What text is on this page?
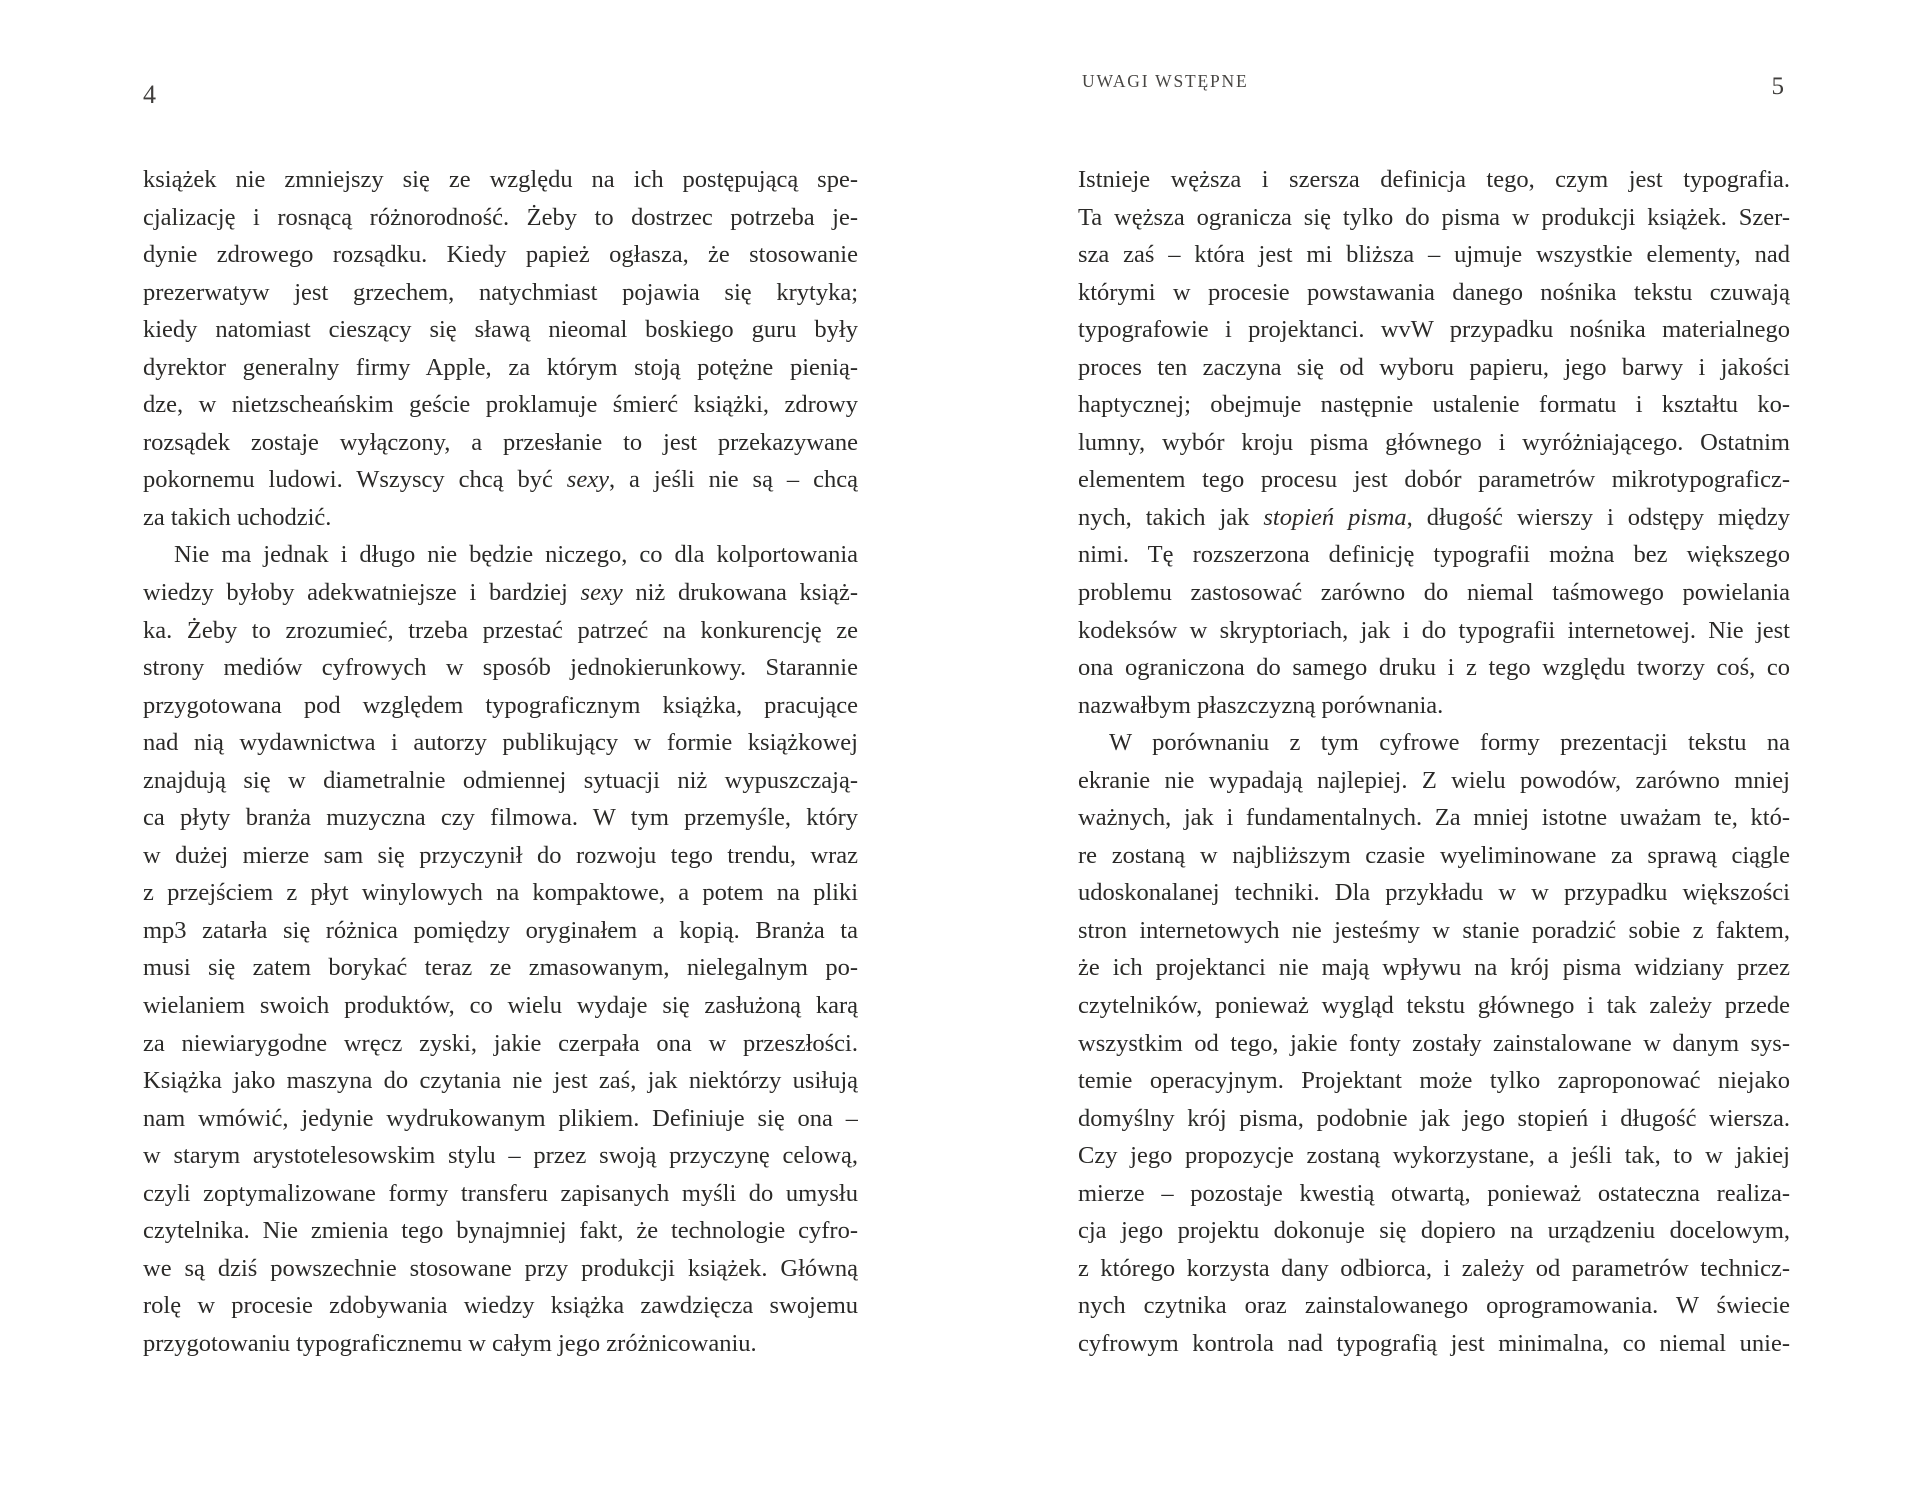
4	UWAGI WSTĘPNE	5
książek nie zmniejszy się ze względu na ich postępującą spe-
cjalizację i rosnącą różnorodność. Żeby to dostrzec potrzeba je-
dynie zdrowego rozsądku. Kiedy papież ogłasza, że stosowanie
prezerwatyw jest grzechem, natychmiast pojawia się krytyka;
kiedy natomiast cieszący się sławą nieomal boskiego guru były
dyrektor generalny firmy Apple, za którym stoją potężne pienią-
dze, w nietzscheańskim geście proklamuje śmierć książki, zdrowy
rozsądek zostaje wyłączony, a przesłanie to jest przekazywane
pokornemu ludowi. Wszyscy chcą być sexy, a jeśli nie są – chcą
za takich uchodzić.
Nie ma jednak i długo nie będzie niczego, co dla kolportowania
wiedzy byłoby adekwatniejsze i bardziej sexy niż drukowana książ-
ka. Żeby to zrozumieć, trzeba przestać patrzeć na konkurencję ze
strony mediów cyfrowych w sposób jednokierunkowy. Starannie
przygotowana pod względem typograficznym książka, pracujące
nad nią wydawnictwa i autorzy publikujący w formie książkowej
znajdują się w diametralnie odmiennej sytuacji niż wypuszczają-
ca płyty branża muzyczna czy filmowa. W tym przemyśle, który
w dużej mierze sam się przyczynił do rozwoju tego trendu, wraz
z przejściem z płyt winylowych na kompaktowe, a potem na pliki
mp3 zatarła się różnica pomiędzy oryginałem a kopią. Branża ta
musi się zatem borykać teraz ze zmasowanym, nielegalnym po-
wielaniem swoich produktów, co wielu wydaje się zasłużoną karą
za niewiarygodne wręcz zyski, jakie czerpała ona w przeszłości.
Książka jako maszyna do czytania nie jest zaś, jak niektórzy usiłują
nam wmówić, jedynie wydrukowanym plikiem. Definiuje się ona –
w starym arystotelesowskim stylu – przez swoją przyczynę celową,
czyli zoptymalizowane formy transferu zapisanych myśli do umysłu
czytelnika. Nie zmienia tego bynajmniej fakt, że technologie cyfro-
we są dziś powszechnie stosowane przy produkcji książek. Główną
rolę w procesie zdobywania wiedzy książka zawdzięcza swojemu
przygotowaniu typograficznemu w całym jego zróżnicowaniu.
Istnieje węższa i szersza definicja tego, czym jest typografia.
Ta węższa ogranicza się tylko do pisma w produkcji książek. Szer-
sza zaś – która jest mi bliższa – ujmuje wszystkie elementy, nad
którymi w procesie powstawania danego nośnika tekstu czuwają
typografowie i projektanci. wvW przypadku nośnika materialnego
proces ten zaczyna się od wyboru papieru, jego barwy i jakości
haptycznej; obejmuje następnie ustalenie formatu i kształtu ko-
lumny, wybór kroju pisma głównego i wyróżniającego. Ostatnim
elementem tego procesu jest dobór parametrów mikrotypograficz-
nych, takich jak stopień pisma, długość wierszy i odstępy między
nimi. Tę rozszerzona definicję typografii można bez większego
problemu zastosować zarówno do niemal taśmowego powielania
kodeksów w skryptoriach, jak i do typografii internetowej. Nie jest
ona ograniczona do samego druku i z tego względu tworzy coś, co
nazwałbym płaszczyzną porównania.
W porównaniu z tym cyfrowe formy prezentacji tekstu na
ekranie nie wypadają najlepiej. Z wielu powodów, zarówno mniej
ważnych, jak i fundamentalnych. Za mniej istotne uważam te, któ-
re zostaną w najbliższym czasie wyeliminowane za sprawą ciągle
udoskonalanej techniki. Dla przykładu w w przypadku większości
stron internetowych nie jesteśmy w stanie poradzić sobie z faktem,
że ich projektanci nie mają wpływu na krój pisma widziany przez
czytelników, ponieważ wygląd tekstu głównego i tak zależy przede
wszystkim od tego, jakie fonty zostały zainstalowane w danym sys-
temie operacyjnym. Projektant może tylko zaproponować niejako
domyślny krój pisma, podobnie jak jego stopień i długość wiersza.
Czy jego propozycje zostaną wykorzystane, a jeśli tak, to w jakiej
mierze – pozostaje kwestią otwartą, ponieważ ostateczna realiza-
cja jego projektu dokonuje się dopiero na urządzeniu docelowym,
z którego korzysta dany odbiorca, i zależy od parametrów technicz-
nych czytnika oraz zainstalowanego oprogramowania. W świecie
cyfrowym kontrola nad typografią jest minimalna, co niemal unie-
